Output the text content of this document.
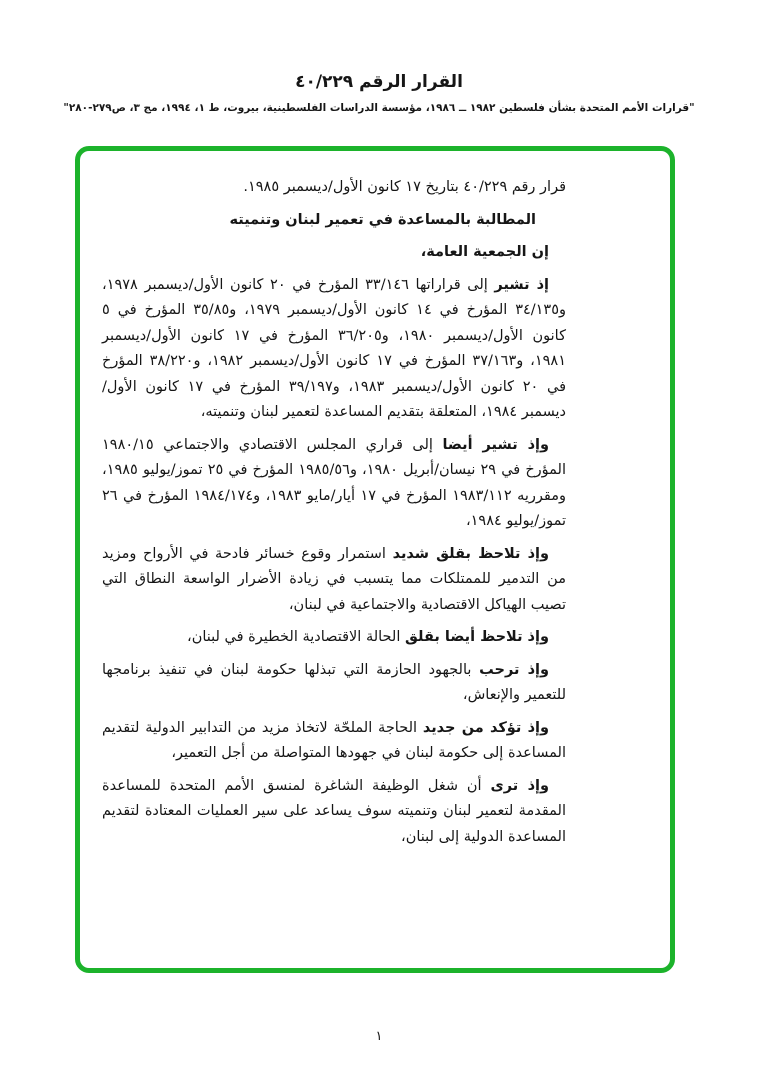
القرار الرقم ٤٠/٢٢٩
"قرارات الأمم المتحدة بشأن فلسطين ١٩٨٢ ــ ١٩٨٦، مؤسسة الدراسات الفلسطينية، بيروت، ط ١، ١٩٩٤، مج ٣، ص٢٧٩-٢٨٠"

قرار رقم ٤٠/٢٢٩ بتاريخ ١٧ كانون الأول/ديسمبر ١٩٨٥.

المطالبة بالمساعدة في تعمير لبنان وتنميته

إن الجمعية العامة،

إذ تشير إلى قراراتها ٣٣/١٤٦ المؤرخ في ٢٠ كانون الأول/ديسمبر ١٩٧٨، و٣٤/١٣٥ المؤرخ في ١٤ كانون الأول/ديسمبر ١٩٧٩، و٣٥/٨٥ المؤرخ في ٥ كانون الأول/ديسمبر ١٩٨٠، و٣٦/٢٠٥ المؤرخ في ١٧ كانون الأول/ديسمبر ١٩٨١، و٣٧/١٦٣ المؤرخ في ١٧ كانون الأول/ديسمبر ١٩٨٢، و٣٨/٢٢٠ المؤرخ في ٢٠ كانون الأول/ديسمبر ١٩٨٣، و٣٩/١٩٧ المؤرخ في ١٧ كانون الأول/ديسمبر ١٩٨٤، المتعلقة بتقديم المساعدة لتعمير لبنان وتنميته،

وإذ تشير أيضا إلى قراري المجلس الاقتصادي والاجتماعي ١٩٨٠/١٥ المؤرخ في ٢٩ نيسان/أبريل ١٩٨٠، و١٩٨٥/٥٦ المؤرخ في ٢٥ تموز/يوليو ١٩٨٥، ومقرريه ١٩٨٣/١١٢ المؤرخ في ١٧ أيار/مايو ١٩٨٣، و١٩٨٤/١٧٤ المؤرخ في ٢٦ تموز/يوليو ١٩٨٤،

وإذ تلاحظ بقلق شديد استمرار وقوع خسائر فادحة في الأرواح ومزيد من التدمير للممتلكات مما يتسبب في زيادة الأضرار الواسعة النطاق التي تصيب الهياكل الاقتصادية والاجتماعية في لبنان،

وإذ تلاحظ أيضا بقلق الحالة الاقتصادية الخطيرة في لبنان،

وإذ ترحب بالجهود الحازمة التي تبذلها حكومة لبنان في تنفيذ برنامجها للتعمير والإنعاش،

وإذ تؤكد من جديد الحاجة الملحّة لاتخاذ مزيد من التدابير الدولية لتقديم المساعدة إلى حكومة لبنان في جهودها المتواصلة من أجل التعمير،

وإذ ترى أن شغل الوظيفة الشاغرة لمنسق الأمم المتحدة للمساعدة المقدمة لتعمير لبنان وتنميته سوف يساعد على سير العمليات المعتادة لتقديم المساعدة الدولية إلى لبنان،

١
